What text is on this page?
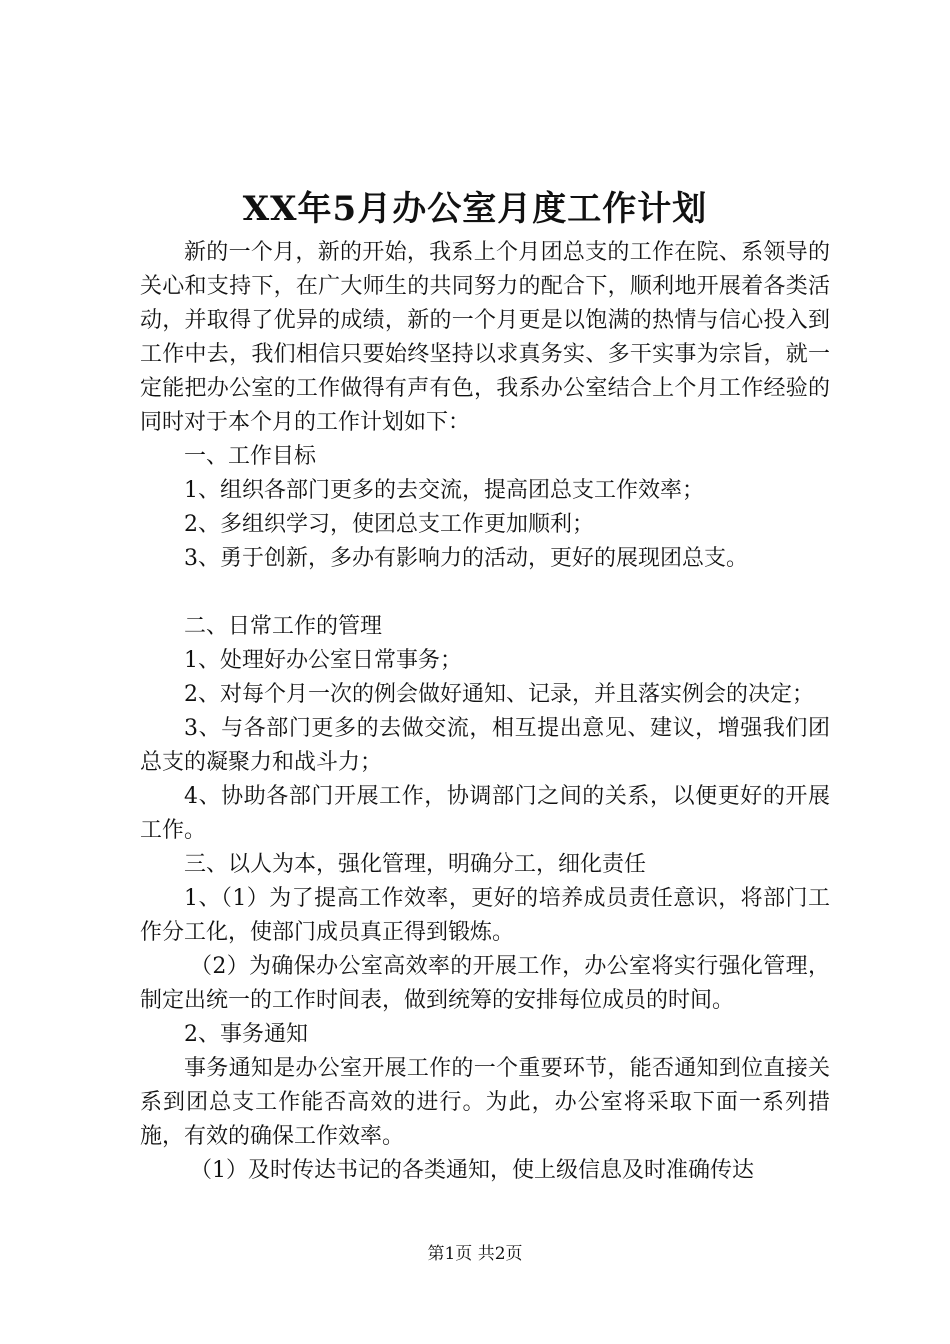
XX年5月办公室月度工作计划

新的一个月，新的开始，我系上个月团总支的工作在院、系领导的关心和支持下，在广大师生的共同努力的配合下，顺利地开展着各类活动，并取得了优异的成绩，新的一个月更是以饱满的热情与信心投入到工作中去，我们相信只要始终坚持以求真务实、多干实事为宗旨，就一定能把办公室的工作做得有声有色，我系办公室结合上个月工作经验的同时对于本个月的工作计划如下：

一、工作目标

1、组织各部门更多的去交流，提高团总支工作效率；

2、多组织学习，使团总支工作更加顺利；

3、勇于创新，多办有影响力的活动，更好的展现团总支。

二、日常工作的管理

1、处理好办公室日常事务；

2、对每个月一次的例会做好通知、记录，并且落实例会的决定；

3、与各部门更多的去做交流，相互提出意见、建议，增强我们团总支的凝聚力和战斗力；

4、协助各部门开展工作，协调部门之间的关系，以便更好的开展工作。

三、以人为本，强化管理，明确分工，细化责任

1、（1）为了提高工作效率，更好的培养成员责任意识，将部门工作分工化，使部门成员真正得到锻炼。

（2）为确保办公室高效率的开展工作，办公室将实行强化管理，制定出统一的工作时间表，做到统筹的安排每位成员的时间。

2、事务通知

事务通知是办公室开展工作的一个重要环节，能否通知到位直接关系到团总支工作能否高效的进行。为此，办公室将采取下面一系列措施，有效的确保工作效率。

（1）及时传达书记的各类通知，使上级信息及时准确传达

第1页 共2页
